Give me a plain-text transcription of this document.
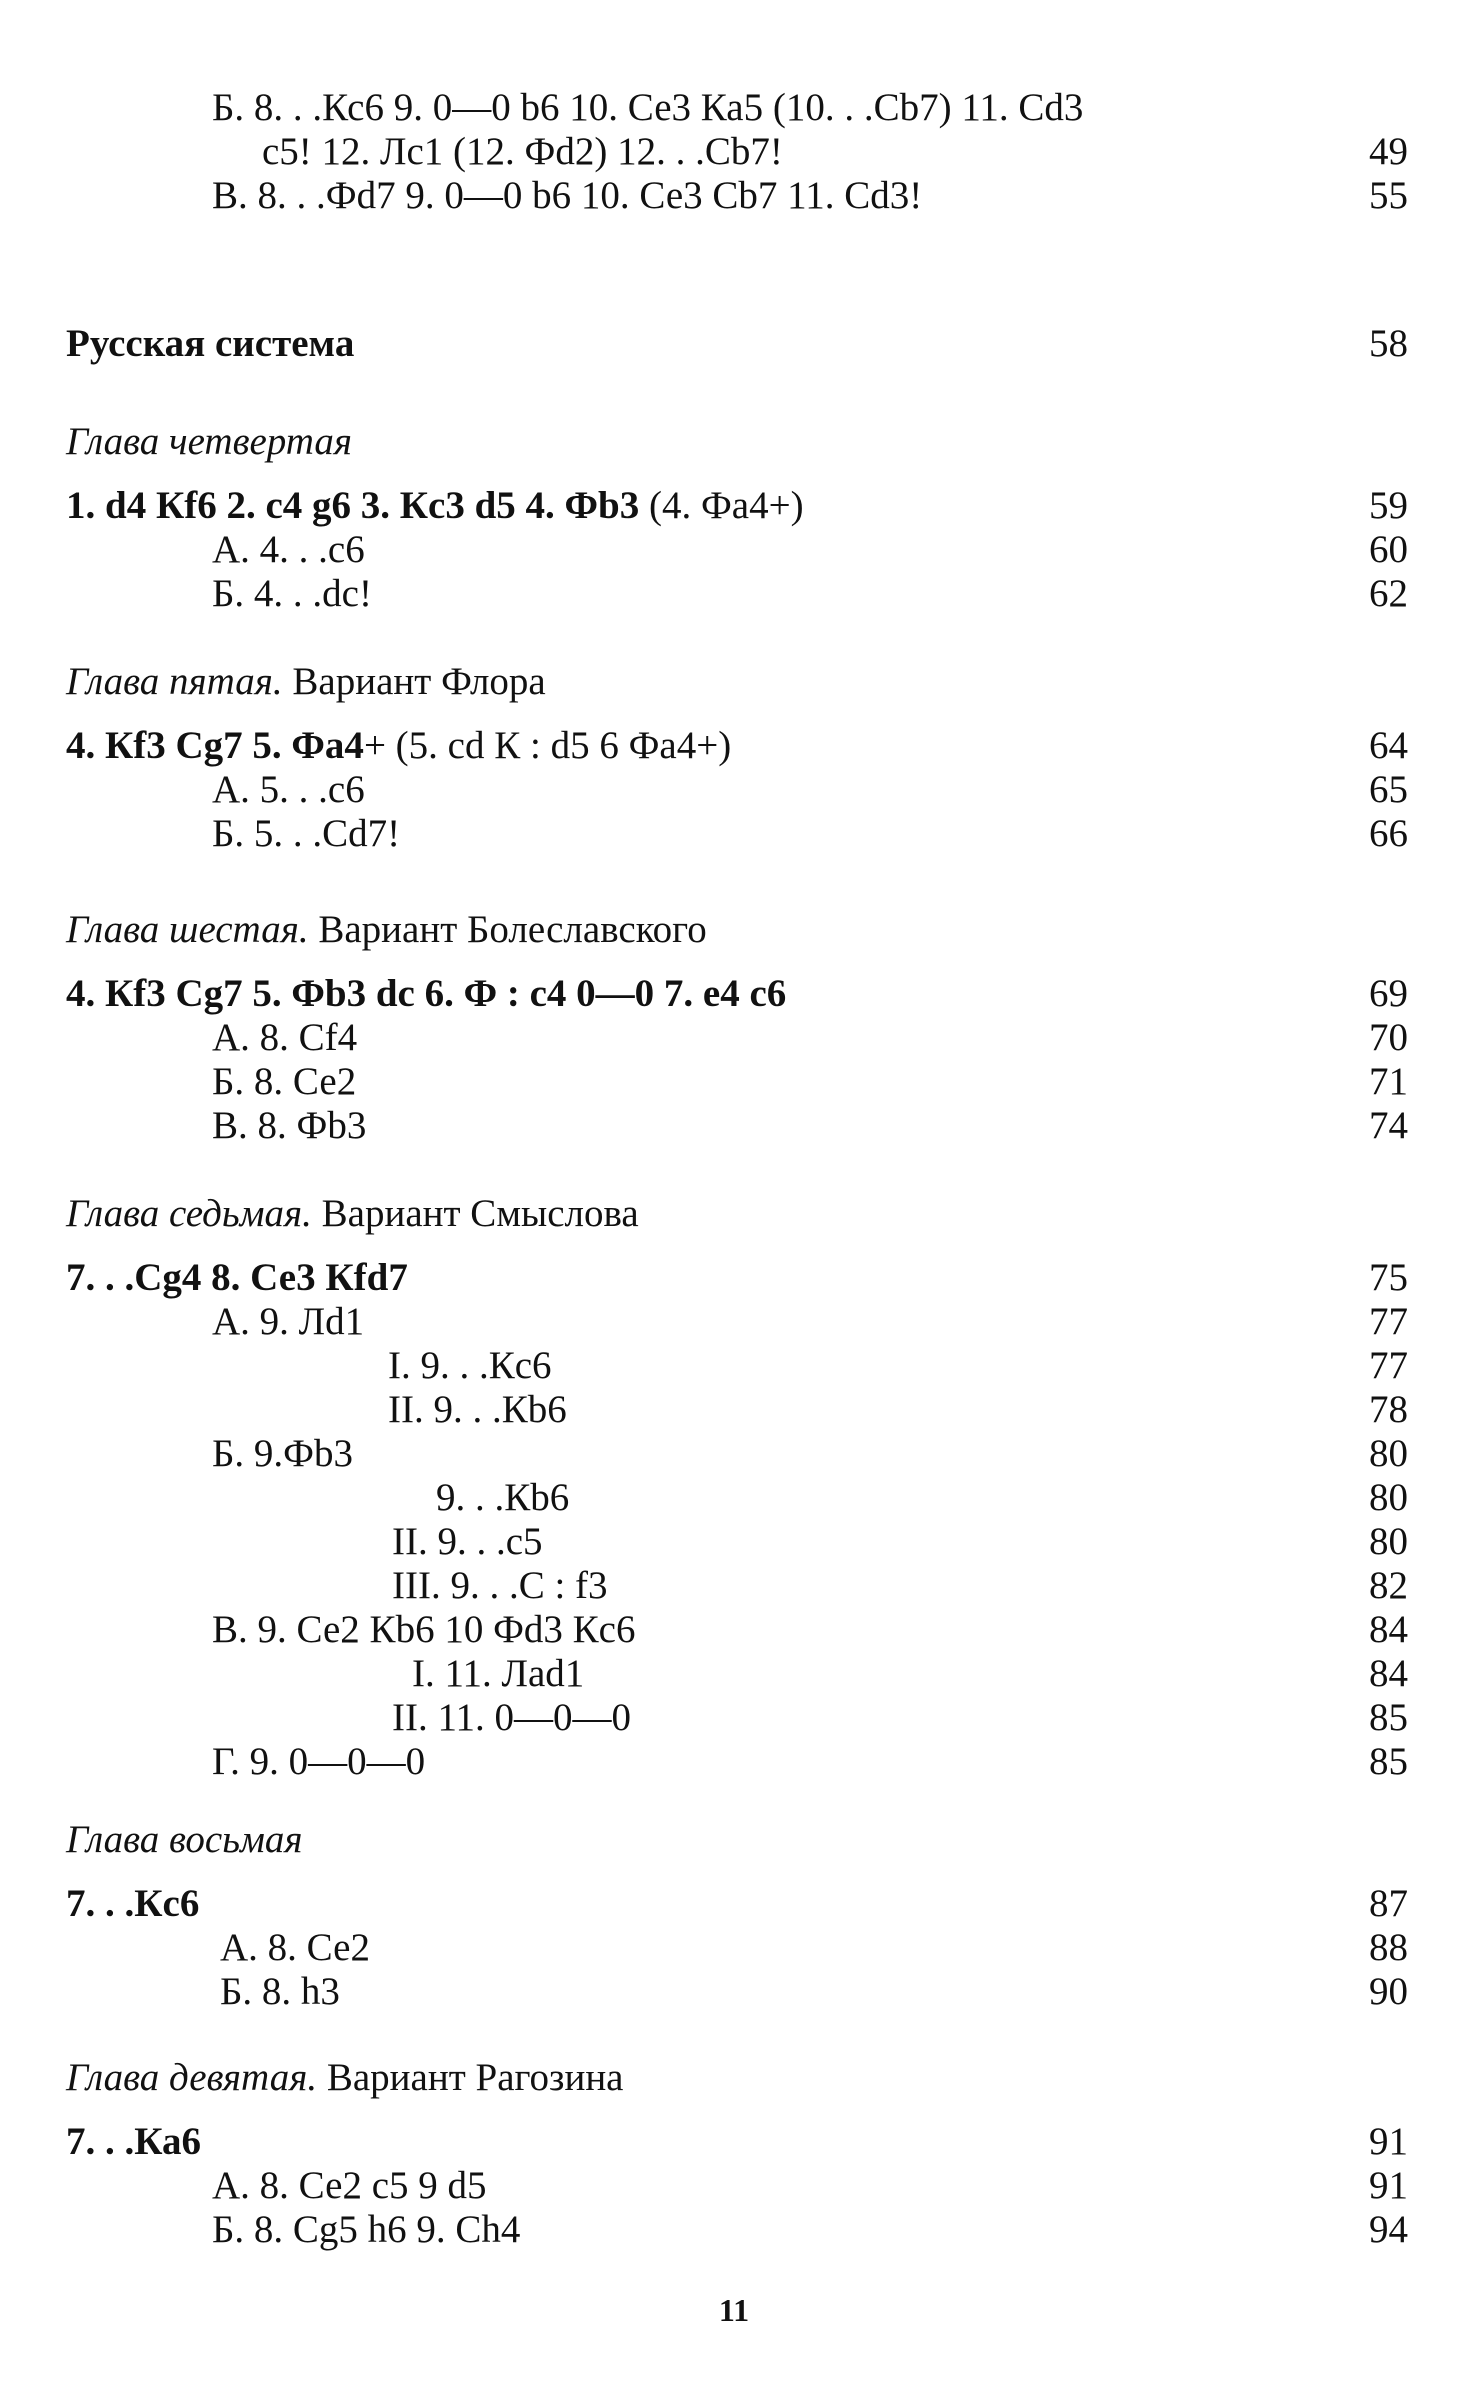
Б. 8. . .Кс6 9. 0—0 b6 10. Се3 Ка5 (10. . .Сb7) 11. Cd3
c5! 12. Лс1 (12. Фd2) 12. . .Сb7!	49
В. 8. . .Фd7 9. 0—0 b6 10. Се3 Сb7 11. Cd3!	55
Русская система	58
Глава четвертая
1. d4 Кf6 2. c4 g6 3. Кc3 d5 4. Фb3 (4. Фа4+)	59
А. 4. . .c6	60
Б. 4. . .dc!	62
Глава пятая. Вариант Флора
4. Кf3 Сg7 5. Фа4+ (5. cd К : d5 6 Фа4+)	64
А. 5. . .c6	65
Б. 5. . .Сd7!	66
Глава шестая. Вариант Болеславского
4. Кf3 Сg7 5. Фb3 dc 6. Ф : c4 0—0 7. e4 c6	69
А. 8. Сf4	70
Б. 8. Се2	71
В. 8. Фb3	74
Глава седьмая. Вариант Смыслова
7. . .Сg4 8. Се3 Кfd7	75
А. 9. Лd1	77
I. 9. . .Кc6	77
II. 9. . .Кb6	78
Б. 9.Фb3	80
9. . .Кb6	80
II. 9. . .c5	80
III. 9. . .С : f3	82
В. 9. Се2 Кb6 10 Фd3 Кc6	84
I. 11. Лаd1	84
II. 11. 0—0—0	85
Г. 9. 0—0—0	85
Глава восьмая
7. . .Кc6	87
А. 8. Се2	88
Б. 8. h3	90
Глава девятая. Вариант Рагозина
7. . .Ка6	91
А. 8. Се2 c5 9 d5	91
Б. 8. Сg5 h6 9. Сh4	94
11
